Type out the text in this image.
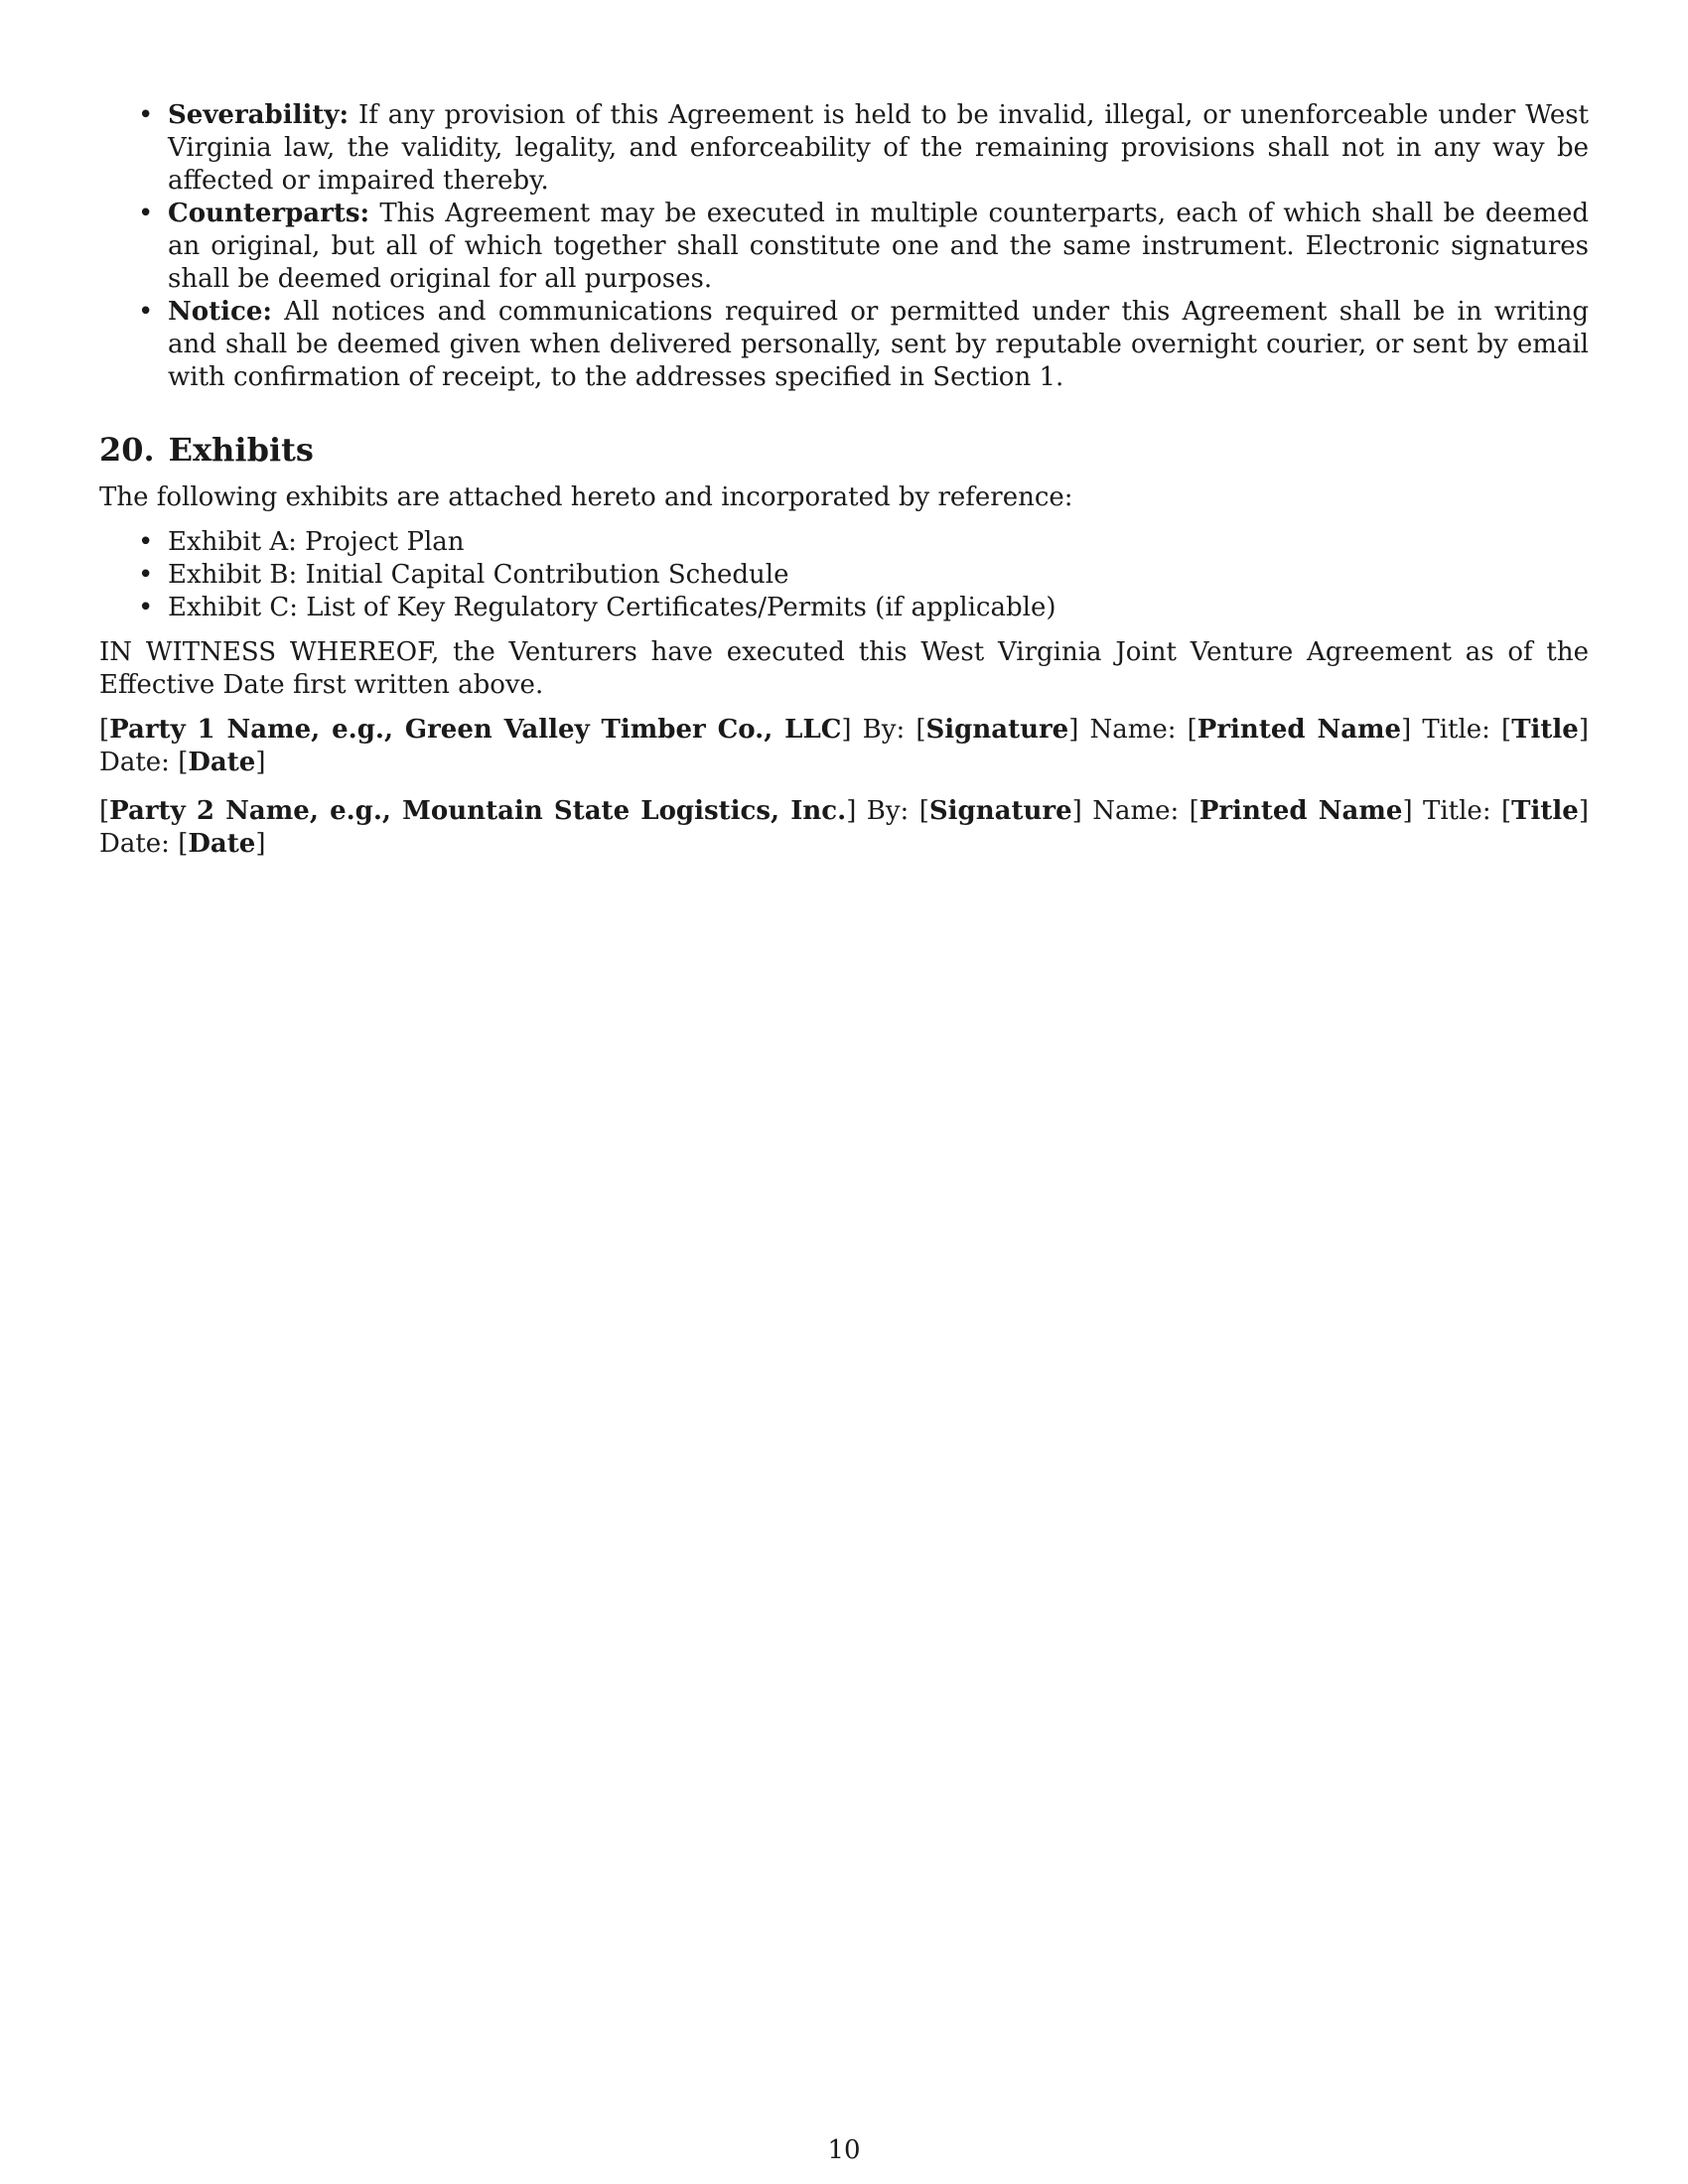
• Severability: If any provision of this Agreement is held to be invalid, illegal, or unenforceable under West Virginia law, the validity, legality, and enforceability of the remaining provisions shall not in any way be affected or impaired thereby.
• Counterparts: This Agreement may be executed in multiple counterparts, each of which shall be deemed an original, but all of which together shall constitute one and the same instrument. Electronic signatures shall be deemed original for all purposes.
• Notice: All notices and communications required or permitted under this Agreement shall be in writing and shall be deemed given when delivered personally, sent by reputable overnight courier, or sent by email with confirmation of receipt, to the addresses specified in Section 1.
20. Exhibits

The following exhibits are attached hereto and incorporated by reference:

• Exhibit A: Project Plan
• Exhibit B: Initial Capital Contribution Schedule
• Exhibit C: List of Key Regulatory Certificates/Permits (if applicable)

IN WITNESS WHEREOF, the Venturers have executed this West Virginia Joint Venture Agreement as of the Effective Date first written above.

[Party 1 Name, e.g., Green Valley Timber Co., LLC] By: [Signature] Name: [Printed Name] Title: [Title] Date: [Date]

[Party 2 Name, e.g., Mountain State Logistics, Inc.] By: [Signature] Name: [Printed Name] Title: [Title] Date: [Date]

10
